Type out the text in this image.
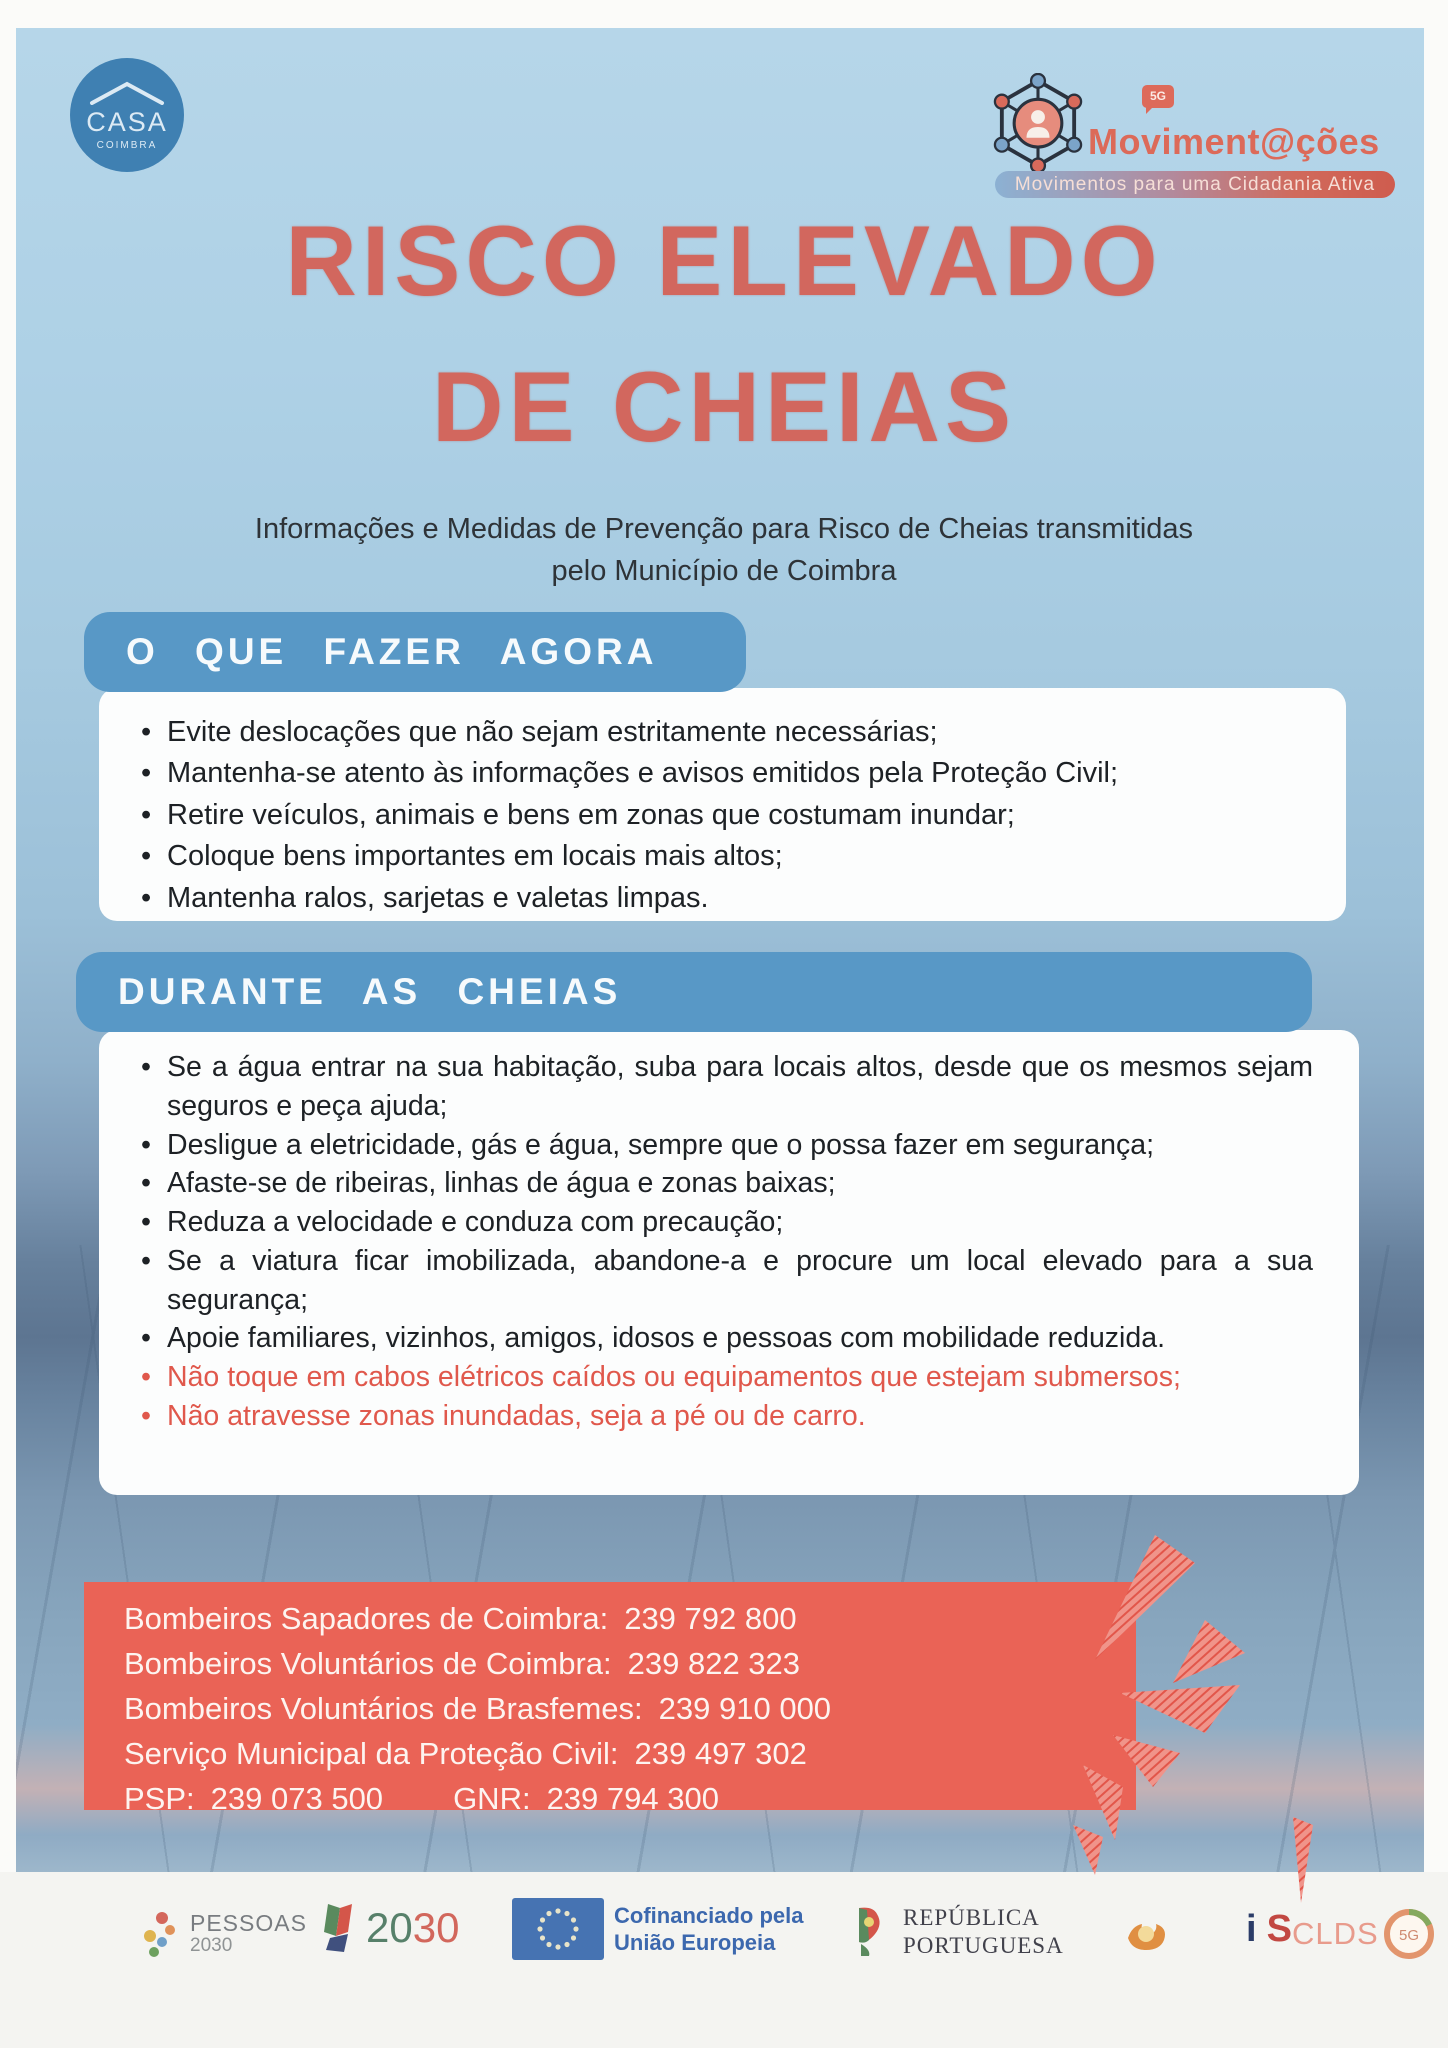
CASA
COIMBRA
5G
Moviment@ções
Movimentos para uma Cidadania Ativa
RISCO ELEVADO
DE CHEIAS
Informações e Medidas de Prevenção para Risco de Cheias transmitidas
pelo Município de Coimbra
O QUE FAZER AGORA
• Evite deslocações que não sejam estritamente necessárias;
• Mantenha-se atento às informações e avisos emitidos pela Proteção Civil;
• Retire veículos, animais e bens em zonas que costumam inundar;
• Coloque bens importantes em locais mais altos;
• Mantenha ralos, sarjetas e valetas limpas.
DURANTE AS CHEIAS
• Se a água entrar na sua habitação, suba para locais altos, desde que os mesmos sejam seguros e peça ajuda;
• Desligue a eletricidade, gás e água, sempre que o possa fazer em segurança;
• Afaste-se de ribeiras, linhas de água e zonas baixas;
• Reduza a velocidade e conduza com precaução;
• Se a viatura ficar imobilizada, abandone-a e procure um local elevado para a sua segurança;
• Apoie familiares, vizinhos, amigos, idosos e pessoas com mobilidade reduzida.
• Não toque em cabos elétricos caídos ou equipamentos que estejam submersos;
• Não atravesse zonas inundadas, seja a pé ou de carro.
Bombeiros Sapadores de Coimbra: 239 792 800
Bombeiros Voluntários de Coimbra: 239 822 323
Bombeiros Voluntários de Brasfemes: 239 910 000
Serviço Municipal da Proteção Civil: 239 497 302
PSP: 239 073 500 GNR: 239 794 300
PESSOAS
2030	2030	Cofinanciado pela
União Europeia
REPÚBLICA
PORTUGUESA	i S CLDS 5G
